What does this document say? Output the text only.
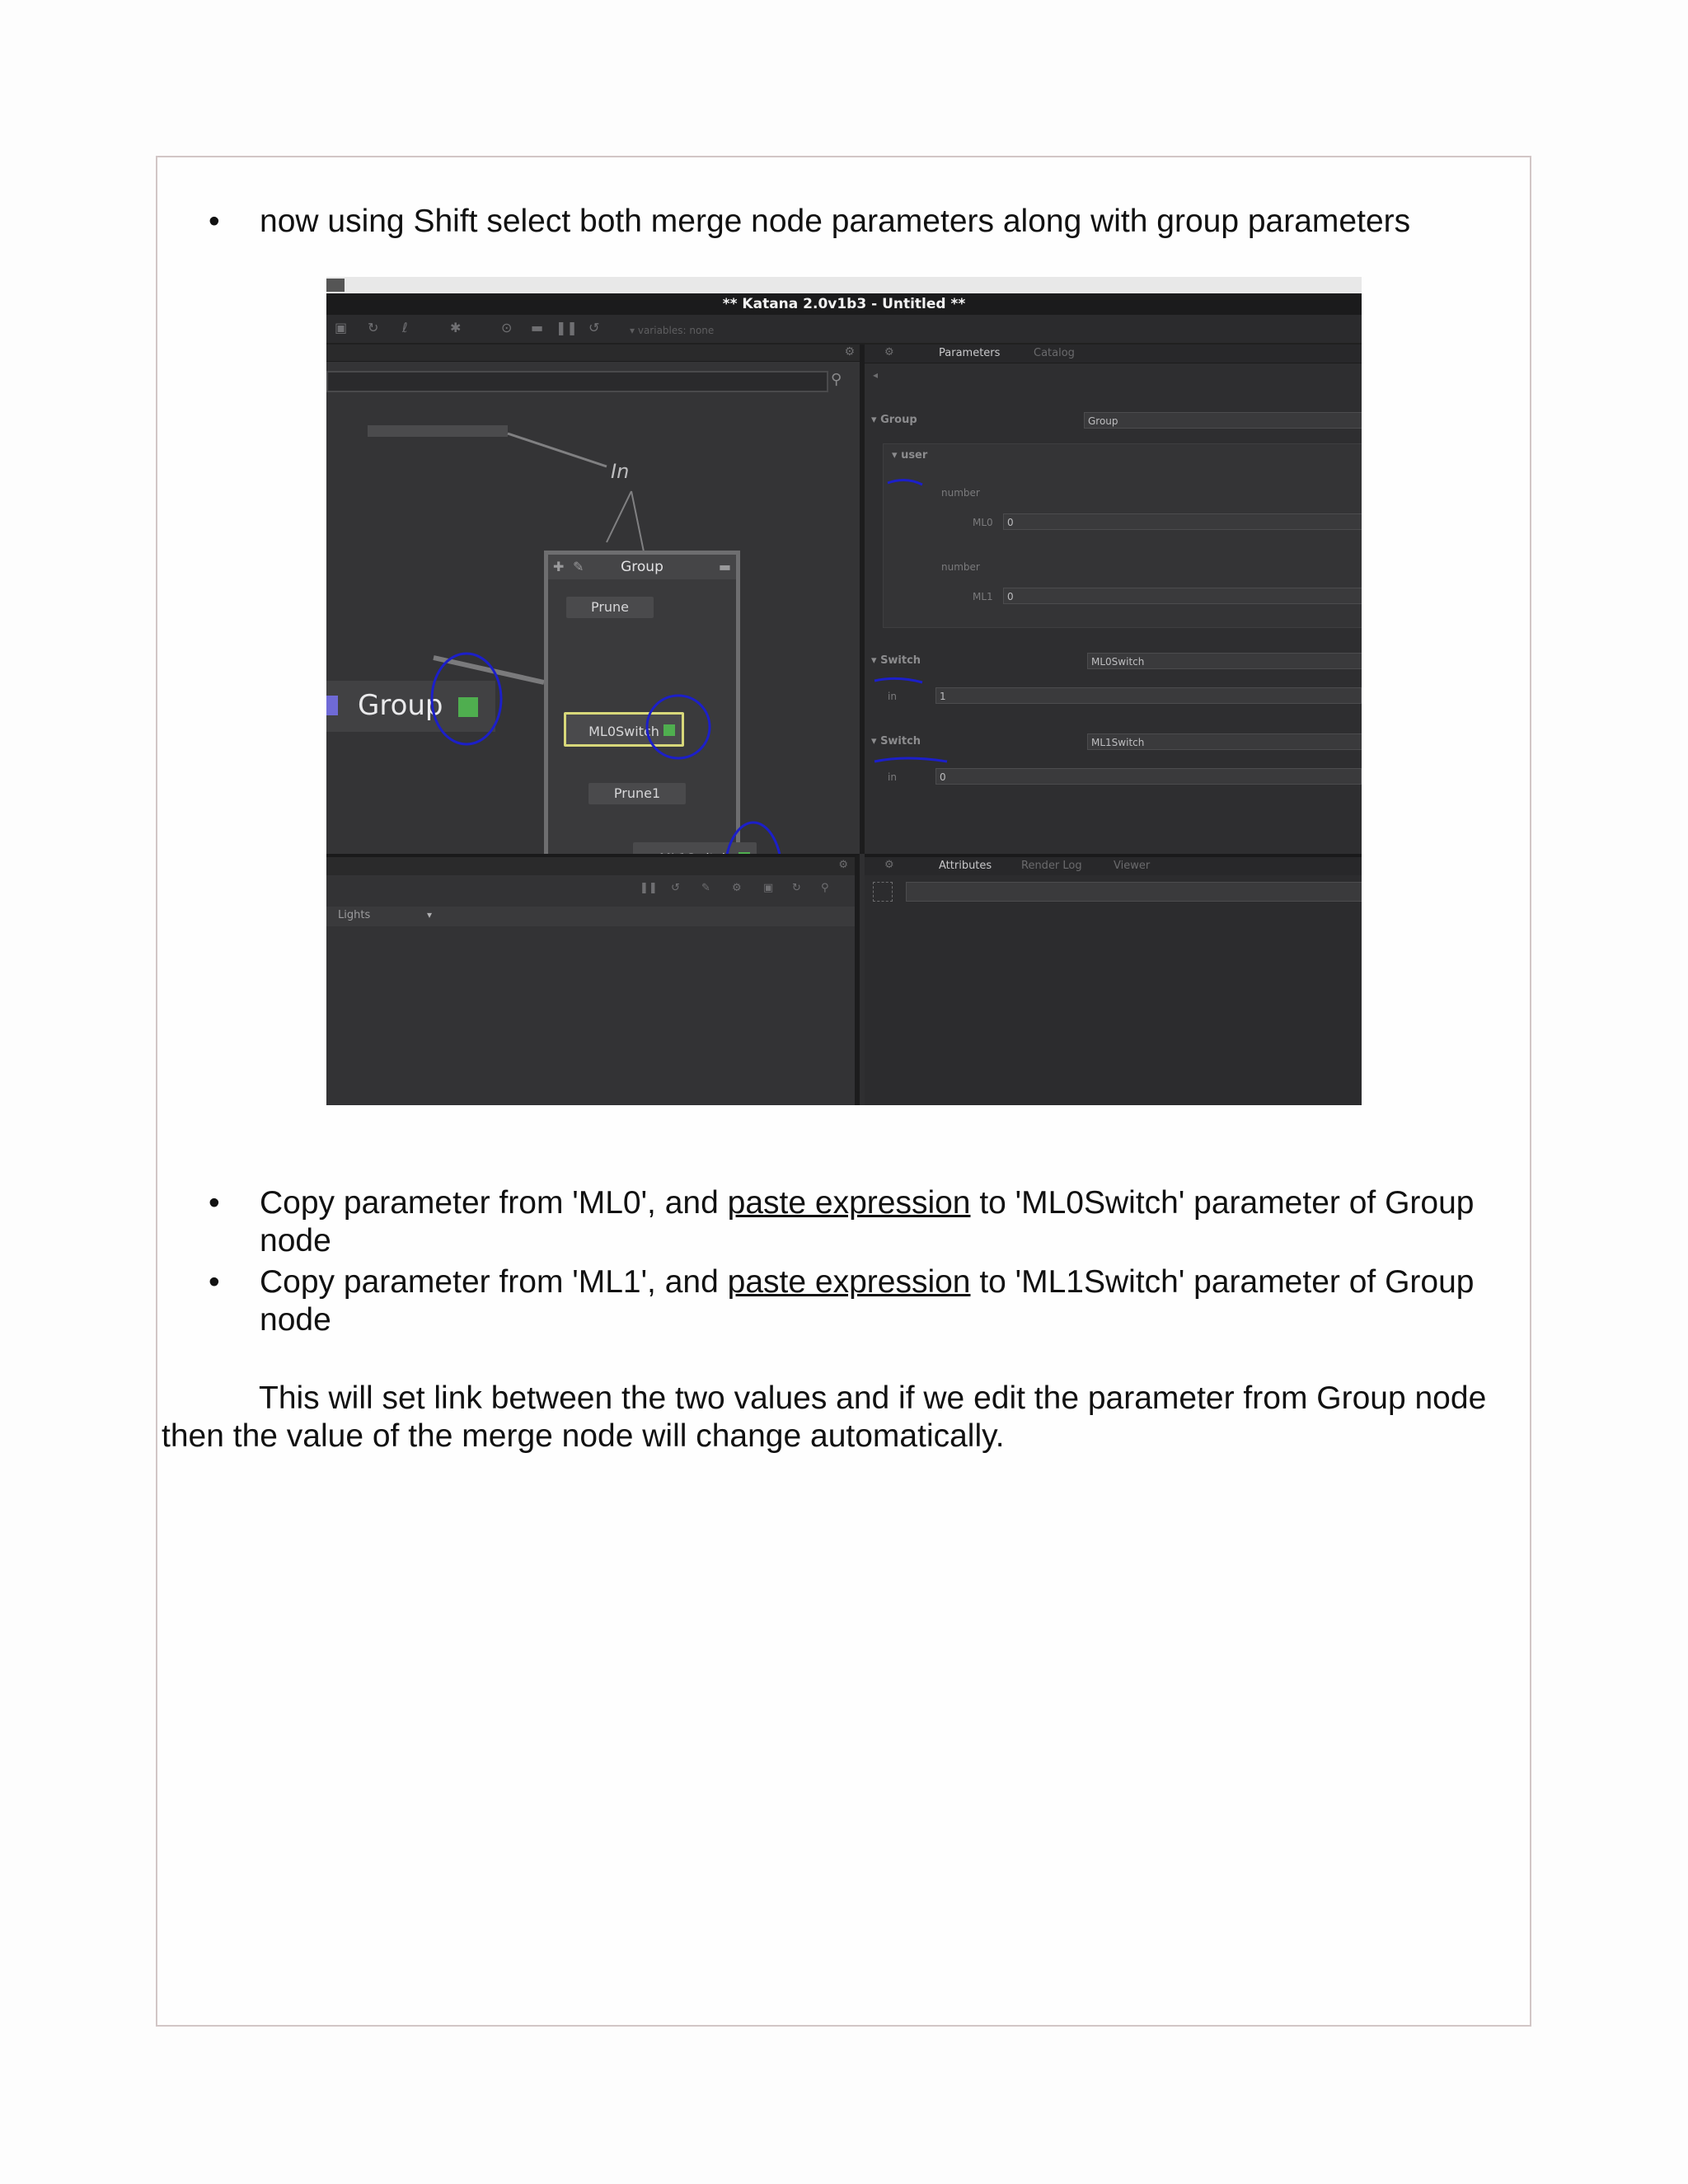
• now using Shift select both merge node parameters along with group parameters
** Katana 2.0v1b3 - Untitled **
▣ ↻ ℓ	✱	⊙ ▬ ❚❚ ↺	▾ variables: none
⚙
⚲
In
Group
✚ ✎	Group	▬
Prune
ML0Switch
Prune1
⚙	Parameters	Catalog
◂
▾ Group	Group
▾ user
number
ML0	0
number
ML1	0
▾ Switch	ML0Switch
in	1
▾ Switch	ML1Switch
in	0
⚙
❚❚ ↺ ✎ ⚙ ▣ ↻ ⚲
Lights	▾
⚙	Attributes	Render Log	Viewer
• Copy parameter from 'ML0', and paste expression to 'ML0Switch' parameter of Group
node
• Copy parameter from 'ML1', and paste expression to 'ML1Switch' parameter of Group
node
This will set link between the two values and if we edit the parameter from Group node
then the value of the merge node will change automatically.
